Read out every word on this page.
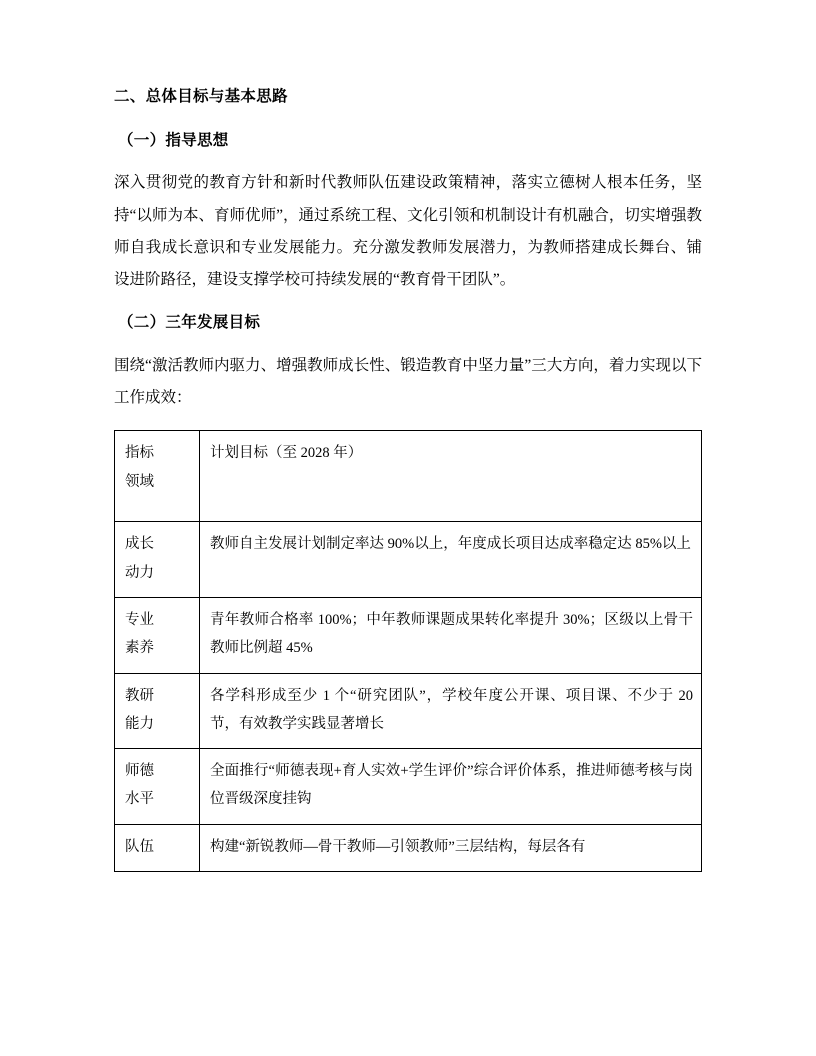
二、总体目标与基本思路
（一）指导思想

深入贯彻党的教育方针和新时代教师队伍建设政策精神，落实立德树人根本任务，坚持“以师为本、育师优师”，通过系统工程、文化引领和机制设计有机融合，切实增强教师自我成长意识和专业发展能力。充分激发教师发展潜力，为教师搭建成长舞台、铺设进阶路径，建设支撑学校可持续发展的“教育骨干团队”。

（二）三年发展目标

围绕“激活教师内驱力、增强教师成长性、锻造教育中坚力量”三大方向，着力实现以下工作成效：

指标
领域	计划目标（至 2028 年）

成长
动力	教师自主发展计划制定率达 90%以上，年度成长项目达成率稳定达 85%以上

专业
素养	青年教师合格率 100%；中年教师课题成果转化率提升 30%；区级以上骨干教师比例超 45%

教研
能力	各学科形成至少 1 个“研究团队”，学校年度公开课、项目课、不少于 20 节，有效教学实践显著增长

师德
水平	全面推行“师德表现+育人实效+学生评价”综合评价体系，推进师德考核与岗位晋级深度挂钩

队伍	构建“新锐教师—骨干教师—引领教师”三层结构，每层各有
